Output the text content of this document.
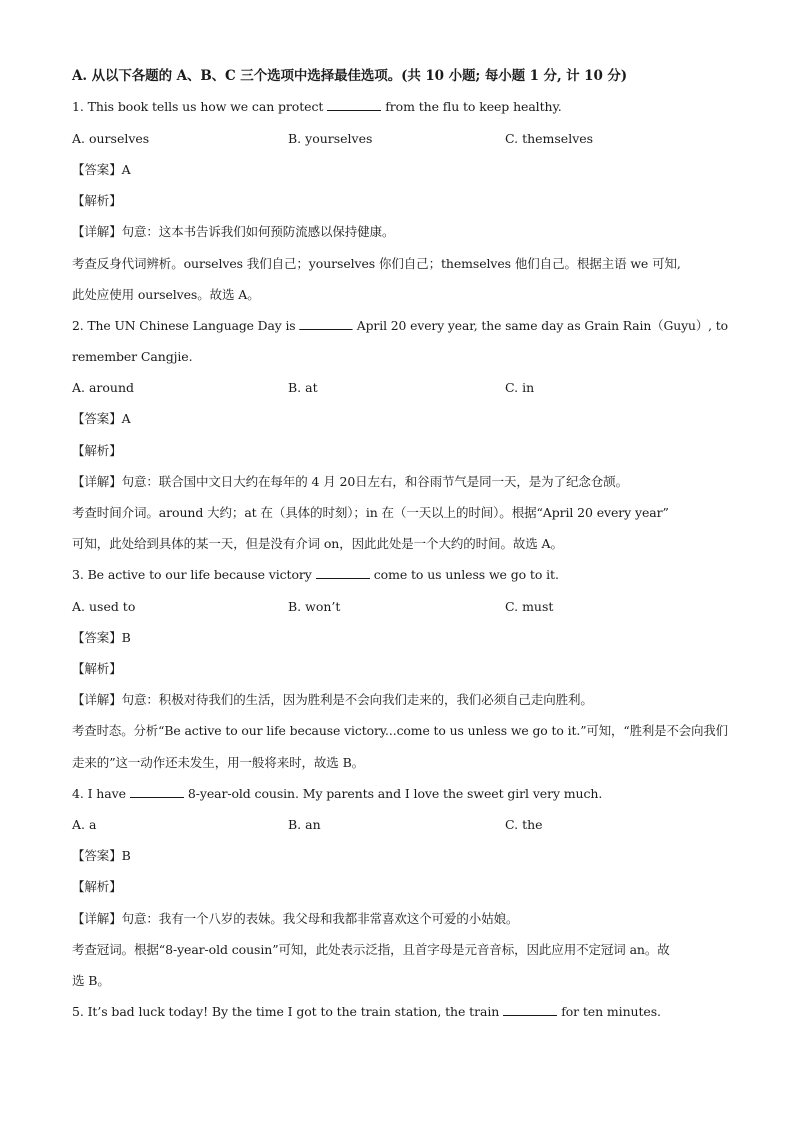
A. 从以下各题的 A、B、C 三个选项中选择最佳选项。(共 10 小题; 每小题 1 分, 计 10 分)
1. This book tells us how we can protect	from the flu to keep healthy.
A. ourselves	B. yourselves	C. themselves
【答案】A
【解析】
【详解】句意：这本书告诉我们如何预防流感以保持健康。
考查反身代词辨析。ourselves 我们自己；yourselves 你们自己；themselves 他们自己。根据主语 we 可知,
此处应使用 ourselves。故选 A。
2. The UN Chinese Language Day is	April 20 every year, the same day as Grain Rain（Guyu）, to
remember Cangjie.
A. around	B. at	C. in
【答案】A
【解析】
【详解】句意：联合国中文日大约在每年的 4 月 20日左右，和谷雨节气是同一天，是为了纪念仓颉。
考查时间介词。around 大约；at 在（具体的时刻）；in 在（一天以上的时间）。根据“April 20 every year”
可知，此处给到具体的某一天，但是没有介词 on，因此此处是一个大约的时间。故选 A。
3. Be active to our life because victory	come to us unless we go to it.
A. used to	B. won’t	C. must
【答案】B
【解析】
【详解】句意：积极对待我们的生活，因为胜利是不会向我们走来的，我们必须自己走向胜利。
考查时态。分析“Be active to our life because victory...come to us unless we go to it.”可知，“胜利是不会向我们
走来的”这一动作还未发生，用一般将来时，故选 B。
4. I have	8-year-old cousin. My parents and I love the sweet girl very much.
A. a	B. an	C. the
【答案】B
【解析】
【详解】句意：我有一个八岁的表妹。我父母和我都非常喜欢这个可爱的小姑娘。
考查冠词。根据“8-year-old cousin”可知，此处表示泛指，且首字母是元音音标，因此应用不定冠词 an。故
选 B。
5. It’s bad luck today! By the time I got to the train station, the train	for ten minutes.
